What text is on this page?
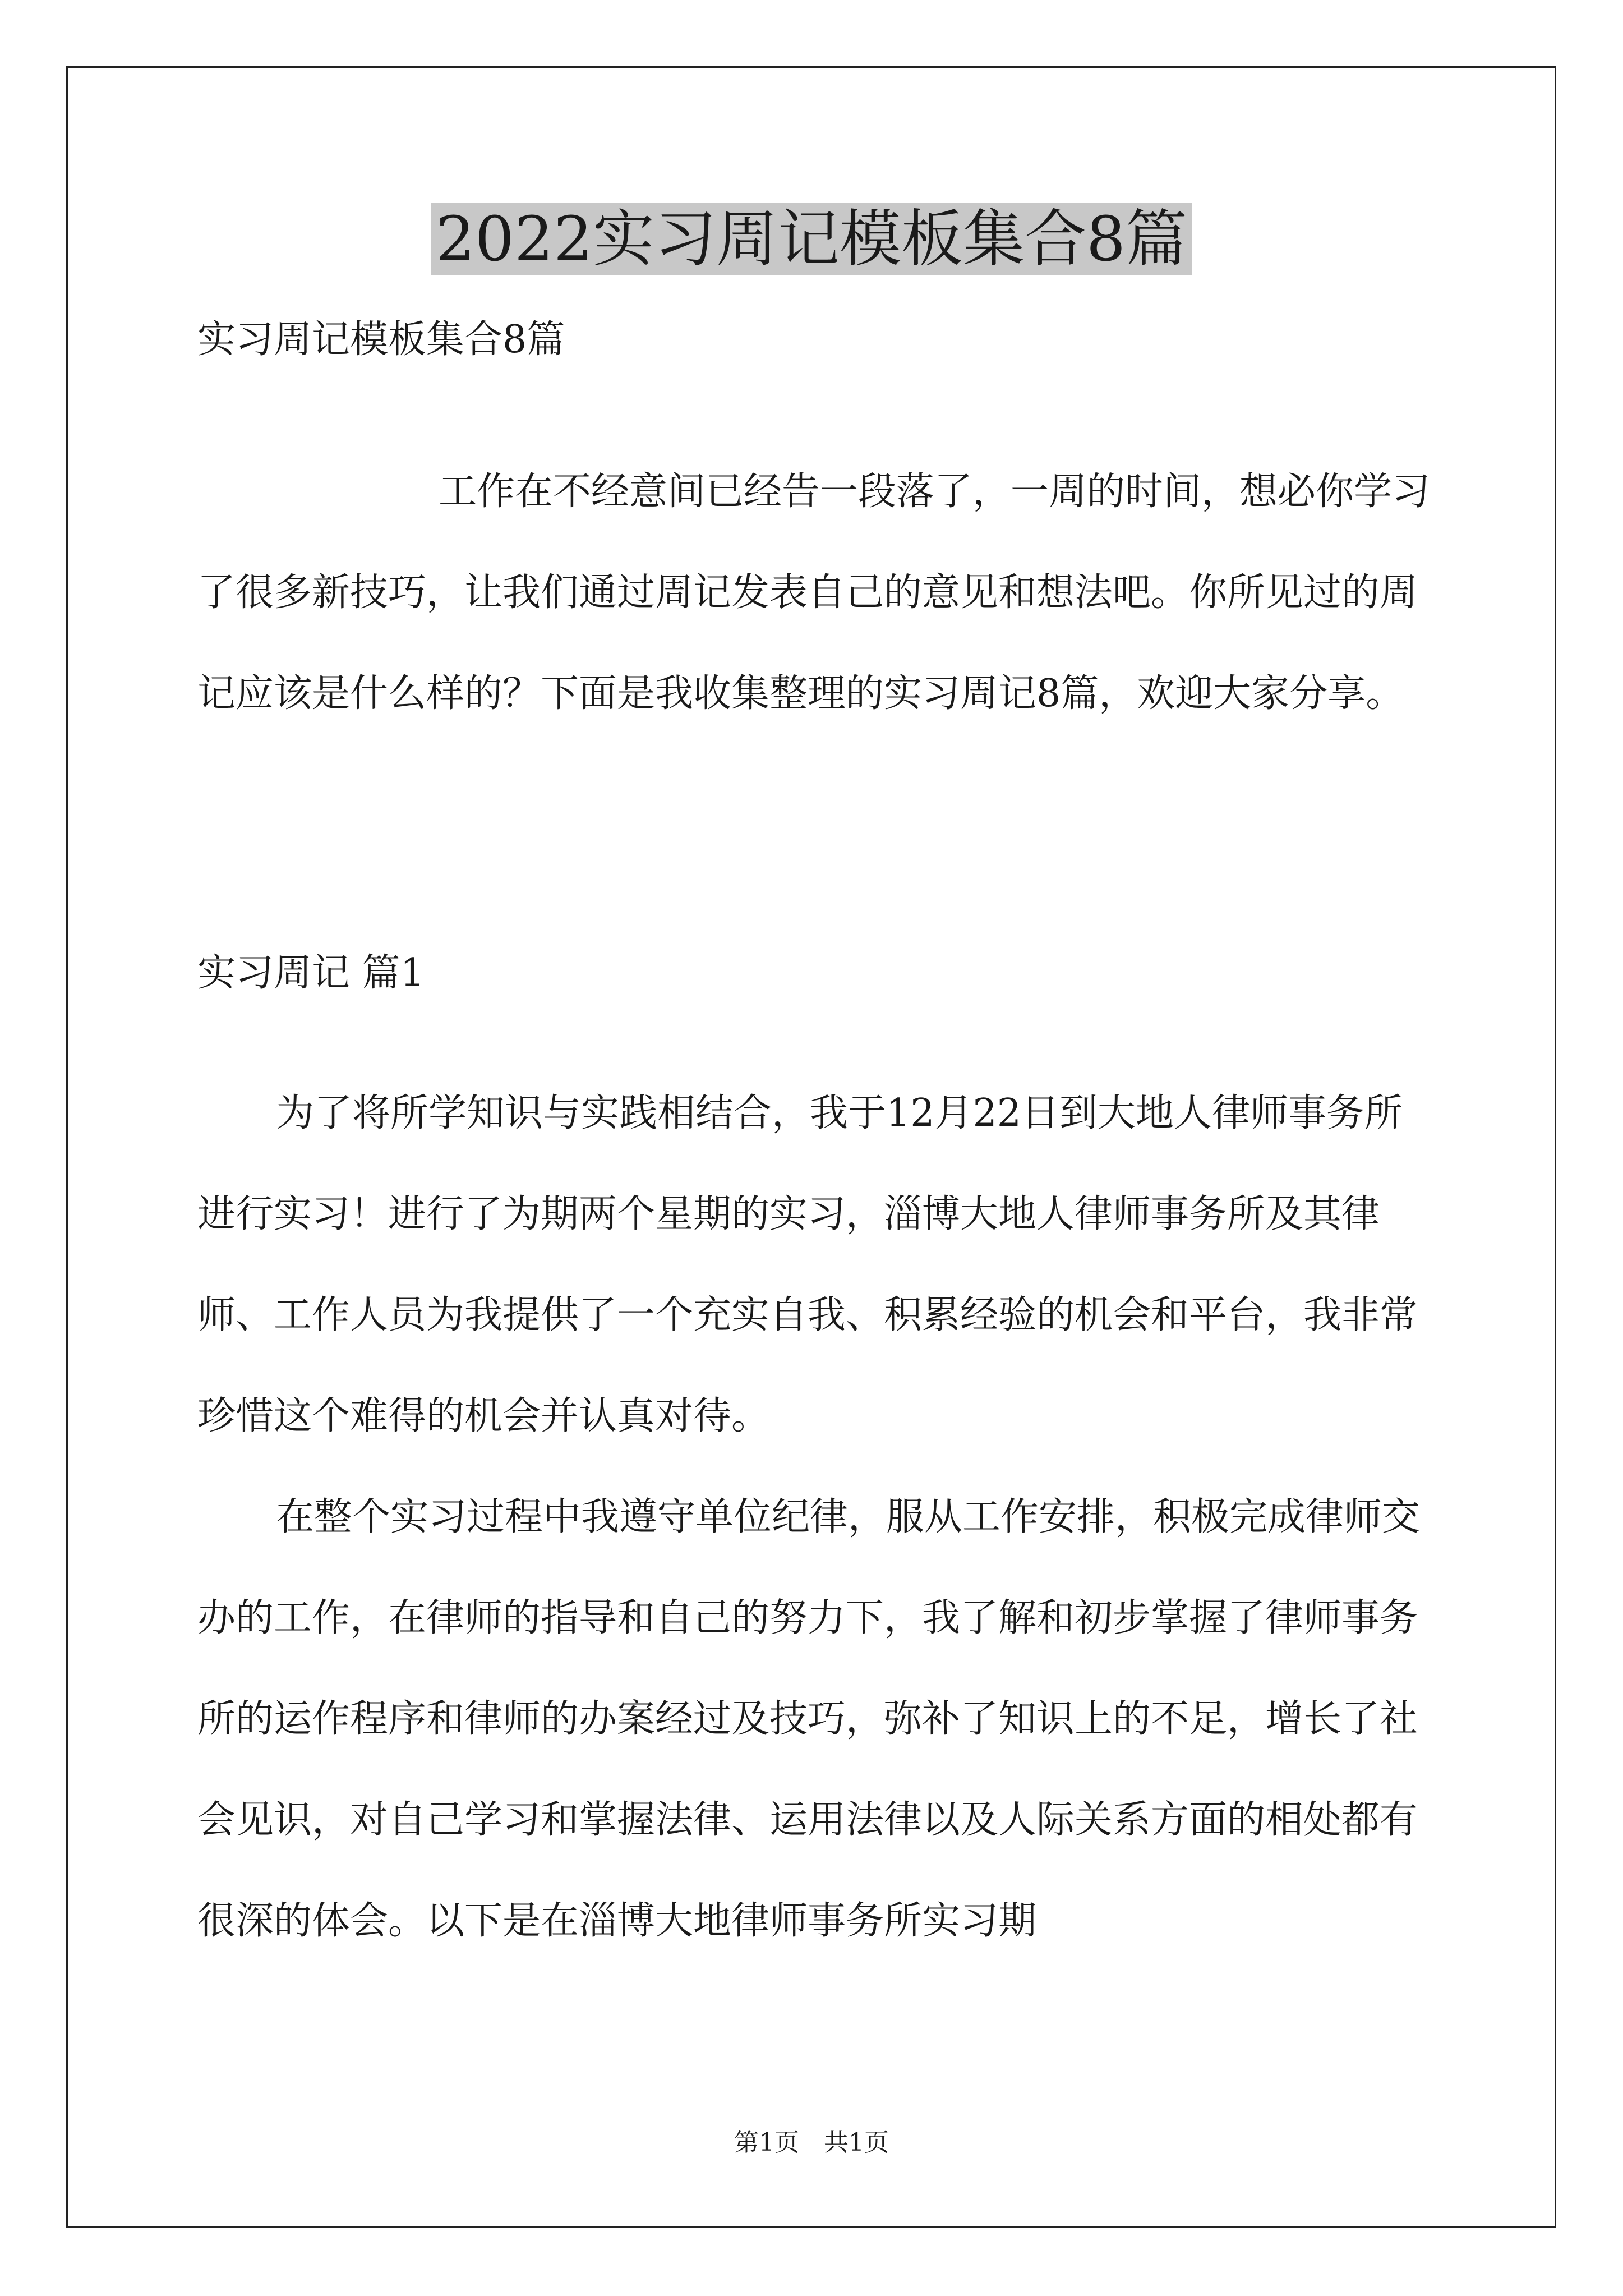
2022实习周记模板集合8篇
实习周记模板集合8篇

工作在不经意间已经告一段落了，一周的时间，想必你学习了很多新技巧，让我们通过周记发表自己的意见和想法吧。你所见过的周记应该是什么样的？下面是我收集整理的实习周记8篇，欢迎大家分享。

实习周记 篇1

为了将所学知识与实践相结合，我于12月22日到大地人律师事务所进行实习！进行了为期两个星期的实习，淄博大地人律师事务所及其律师、工作人员为我提供了一个充实自我、积累经验的机会和平台，我非常珍惜这个难得的机会并认真对待。

在整个实习过程中我遵守单位纪律，服从工作安排，积极完成律师交办的工作，在律师的指导和自己的努力下，我了解和初步掌握了律师事务所的运作程序和律师的办案经过及技巧，弥补了知识上的不足，增长了社会见识，对自己学习和掌握法律、运用法律以及人际关系方面的相处都有很深的体会。以下是在淄博大地律师事务所实习期

第1页　共1页
